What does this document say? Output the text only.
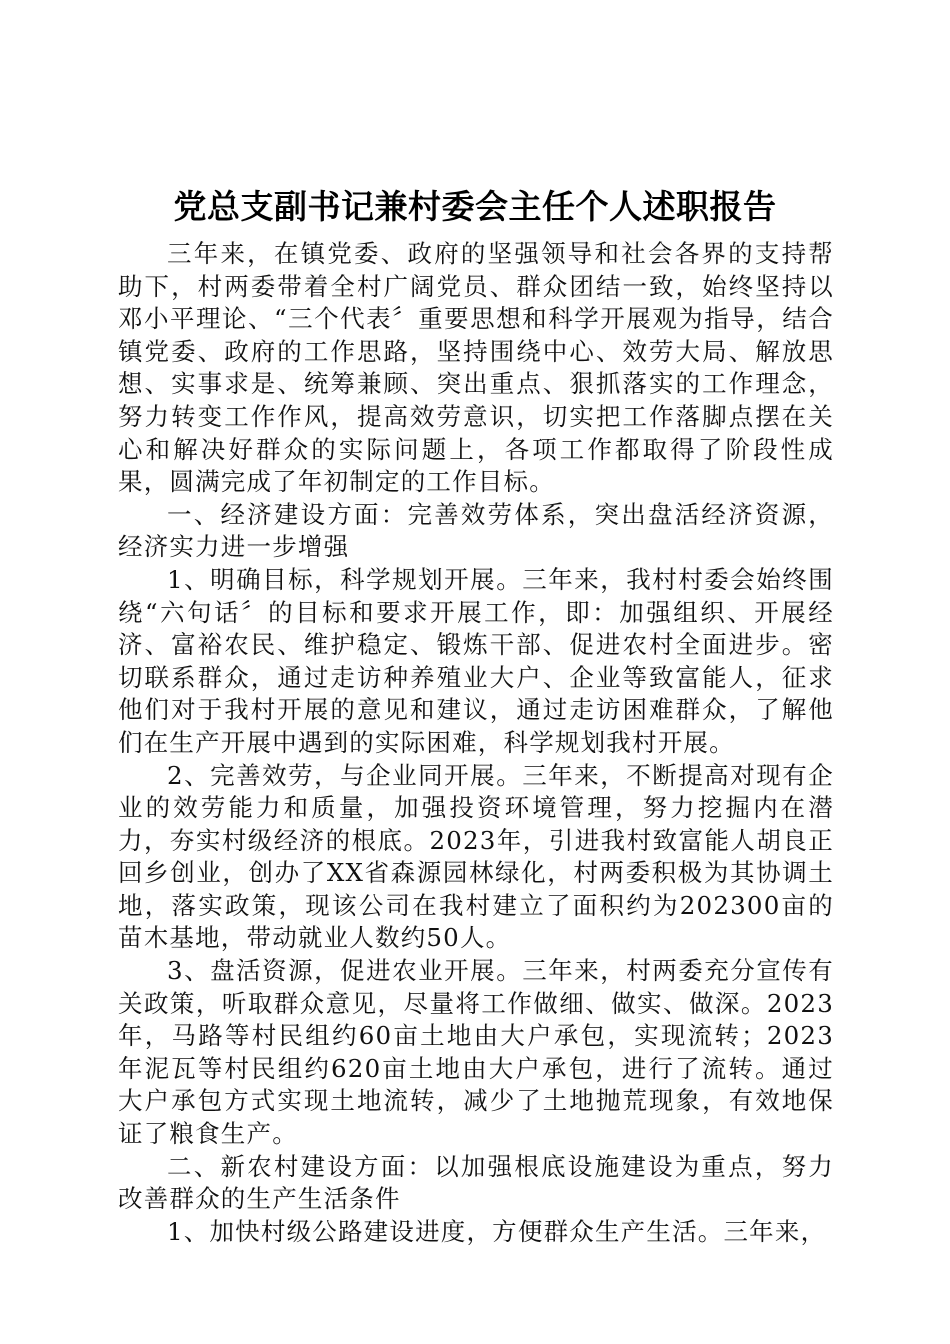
党总支副书记兼村委会主任个人述职报告

三年来，在镇党委、政府的坚强领导和社会各界的支持帮助下，村两委带着全村广阔党员、群众团结一致，始终坚持以邓小平理论、“三个代表〞重要思想和科学开展观为指导，结合镇党委、政府的工作思路，坚持围绕中心、效劳大局、解放思想、实事求是、统筹兼顾、突出重点、狠抓落实的工作理念，努力转变工作作风，提高效劳意识，切实把工作落脚点摆在关心和解决好群众的实际问题上，各项工作都取得了阶段性成果，圆满完成了年初制定的工作目标。

一、经济建设方面：完善效劳体系，突出盘活经济资源，经济实力进一步增强

1、明确目标，科学规划开展。三年来，我村村委会始终围绕“六句话〞的目标和要求开展工作，即：加强组织、开展经济、富裕农民、维护稳定、锻炼干部、促进农村全面进步。密切联系群众，通过走访种养殖业大户、企业等致富能人，征求他们对于我村开展的意见和建议，通过走访困难群众，了解他们在生产开展中遇到的实际困难，科学规划我村开展。

2、完善效劳，与企业同开展。三年来，不断提高对现有企业的效劳能力和质量，加强投资环境管理，努力挖掘内在潜力，夯实村级经济的根底。2023年，引进我村致富能人胡良正回乡创业，创办了XX省森源园林绿化，村两委积极为其协调土地，落实政策，现该公司在我村建立了面积约为202300亩的苗木基地，带动就业人数约50人。

3、盘活资源，促进农业开展。三年来，村两委充分宣传有关政策，听取群众意见，尽量将工作做细、做实、做深。2023年，马路等村民组约60亩土地由大户承包，实现流转；2023年泥瓦等村民组约620亩土地由大户承包，进行了流转。通过大户承包方式实现土地流转，减少了土地抛荒现象，有效地保证了粮食生产。

二、新农村建设方面：以加强根底设施建设为重点，努力改善群众的生产生活条件

1、加快村级公路建设进度，方便群众生产生活。三年来，
